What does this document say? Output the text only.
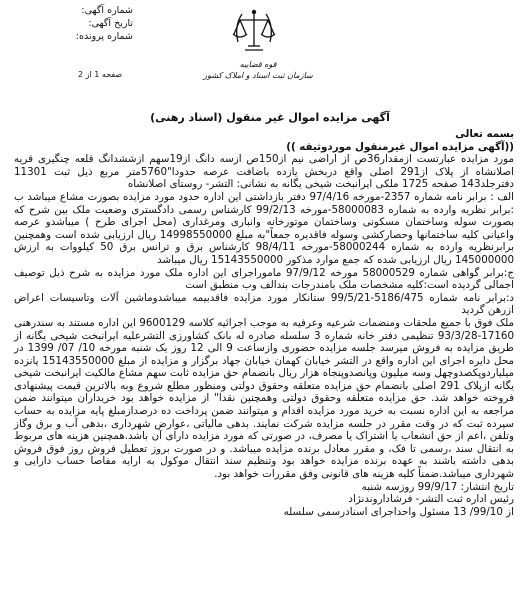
شماره آگهی:
تاریخ آگهی:
شماره پرونده:
قوه قضاییه
سازمان ثبت اسناد و املاک کشور
صفحه 1 از 2
آگهی مزایده اموال غیر منقول (اسناد رهنی)

بسمه تعالی

((آگهی مزایده اموال غیرمنقول موردوثیقه ))

مورد مزایده عبارتست ازمقدار36ص از اراضی نیم از150ص ازسه دانگ از19سهم ازششدانگ قلعه چنگیری قریه اصلانشاه از پلاک از291 اصلی واقع دربخش یازده باضافت عرصه حدودا"5760متر مربع ذیل ثبت 11301 دفترجلد143 صفحه 1725 ملکی ایرانبخت شیخی یگانه به نشانی: التشر- روستای اصلانشاه

الف : برابر نامه شماره 2357-مورخه 97/4/16 دفتر بازداشتی این اداره حدود مورد مزایده بصورت مشاع میباشد ب :برابر نظریه وارده به شماره 58000083-مورخه 99/2/13 کارشناس رسمی دادگستری وضعیت ملک بین شرح که بصورت سوله وساختمان مسکونی وساختمان موتورخانه وانباری ومرغداری (محل اجرای طرح ) میباشدو عرصه واعیانی کلیه ساختمانها وحصارکشی وسوله فاقدیره جمعاً"به مبلغ 14998550000 ریال ارزیابی شده است وهمچنین برابرنظریه وارده به شماره 58000244-مورخه 98/4/11 کارشناس برق و ترانس برق 50 کیلووات به ارزش 145000000 ریال ارزیابی شده که جمع موارد مذکور 15143550000 ریال میباشد

ج:برابر گواهی شماره 58000529 مورخه 97/9/12 ماموراجرای این اداره ملک مورد مزایده به شرح ذیل توصیف اجمالی گردیده است:کلیه مشخصات ملک بامندرجات بندالف وب منطبق است

د:برابر نامه شماره 5186/475-99/5/21 ستانکار مورد مزایده فاقدبیمه میباشدوماشین آلات وتاسیسات اعراض ازرهن گردید

ملک فوق با جمیع ملحقات ومنضمات شرعیه وعرفیه به موجب اجرائیه کلاسه 9600129 این اداره مستند به سندرهنی 17160-93/3/28 تنظیمی دفتر خانه شماره 3 سلسله صادره له بانک کشاورزی التشرعلیه ایرانبخت شیخی یگانه از طریق مزایده به فروش میرسد جلسه مزایده حضوری وازساعت 9 الی 12 روز یک شنبه مورخه 10/ 07/ 1399 در محل دایره اجرای این اداره واقع در التشر خیابان کهمان خیابان جهاد برگزار و مزایده از مبلغ 15143550000 پانزده میلیاردوپکصدوچهل وسه میلیون وپانصدوپنجاه هزار ریال بانضمام حق مزایده ثابت سهم مشاع مالکیت ایرانبخت شیخی یگانه ازپلاک 291 اصلی بانضمام حق مزایده متعلقه وحقوق دولتی ومنظور مطلع شروع وبه بالاترین قیمت پیشنهادی فروخته خواهد شد. حق مزایده متعلقه وحقوق دولتی وهمچنین نقدا" از مزایده خواهد بود خریداران میتوانند ضمن مراجعه به این اداره نسبت به خرید مورد مزایده اقدام و میتوانند ضمن پرداخت ده درصدازمبلغ پایه مزایده به حساب سپرده ثبت که در وقت مقرر در جلسه مزایده شرکت نمایند. بدهی مالیاتی ،عوارض شهرداری ،بدهی آب و برق وگاز وتلفن ،اعم از حق انشعاب یا اشتراک یا مصرف، در صورتی که مورد مزایده دارای آن باشد.همچنین هزینه های مربوط به انتقال سند ،رسمی تا فک، و مقرر معادل برنده مزایده میباشد. و در صورت بروز تعطیل فروش روز فوق فروش بدهی داشته باشند به عهده برنده مزایده خواهد بود وتنظیم سند انتقال موکول به ارایه مفاصا حساب دارایی و شهرداری میباشد.ضمناً کلیه هزینه های قانونی وفق مقررات خواهد بود.

تاریخ انتشار: 99/9/17 روزسه شنبه

رئیس اداره ثبت التشر- فرشاداروندنژاد

از 99/10/ 13 مسئول واحداجرای اسنادرسمی سلسله
